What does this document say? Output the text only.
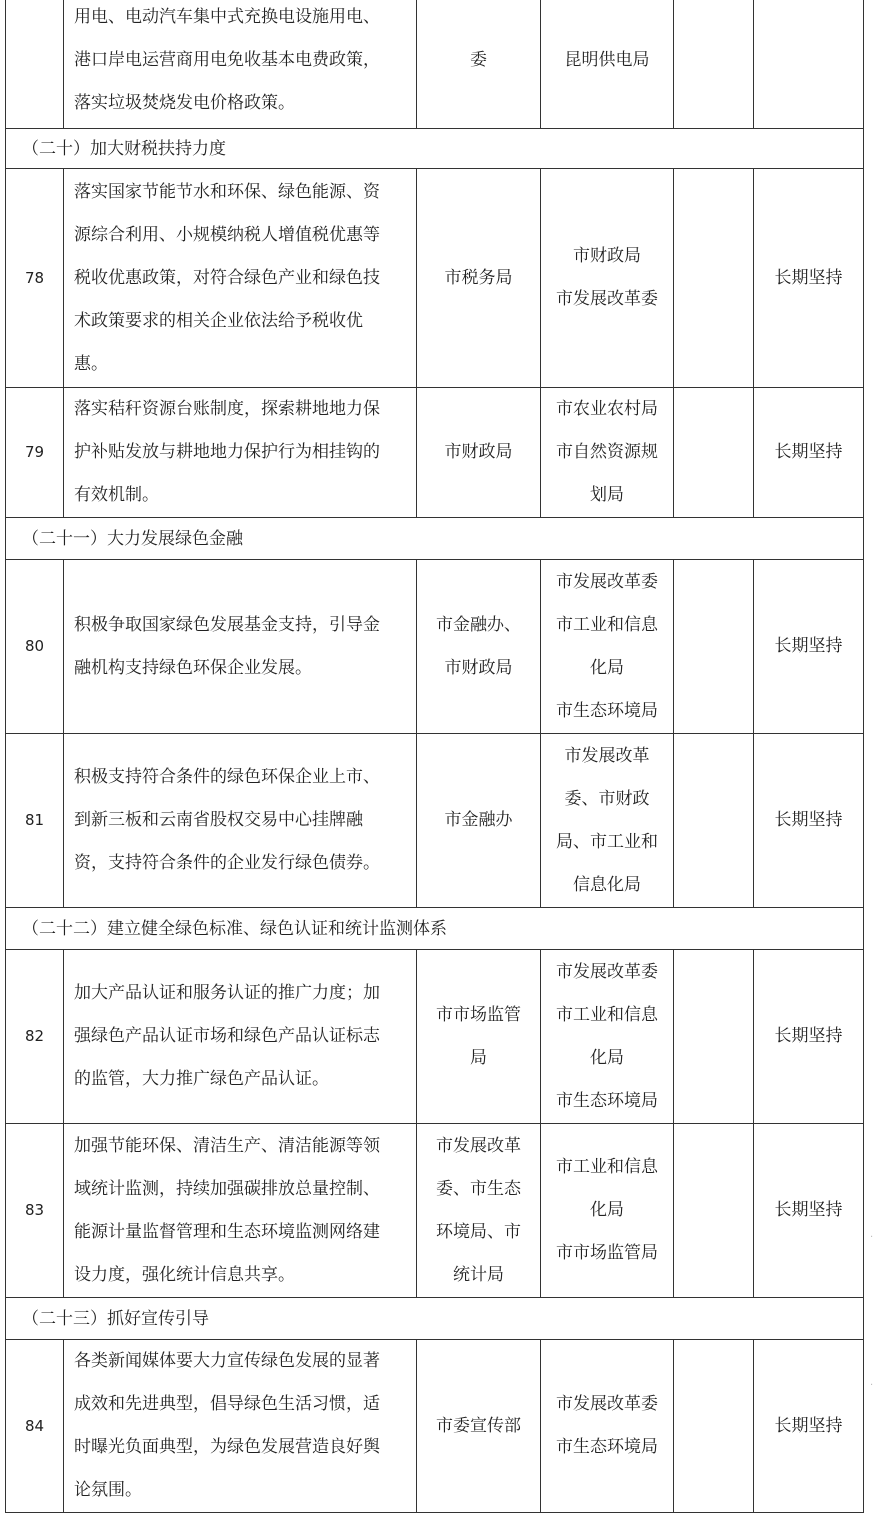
	用电、电动汽车集中式充换电设施用电、
港口岸电运营商用电免收基本电费政策，
落实垃圾焚烧发电价格政策。	委	昆明供电局		

（二十）加大财税扶持力度					
78	落实国家节能节水和环保、绿色能源、资
源综合利用、小规模纳税人增值税优惠等
税收优惠政策，对符合绿色产业和绿色技
术政策要求的相关企业依法给予税收优
惠。	市税务局	市财政局
市发展改革委		长期坚持
79	落实秸秆资源台账制度，探索耕地地力保
护补贴发放与耕地地力保护行为相挂钩的
有效机制。	市财政局	市农业农村局
市自然资源规
划局		长期坚持
（二十一）大力发展绿色金融					
80	积极争取国家绿色发展基金支持，引导金
融机构支持绿色环保企业发展。	市金融办、
市财政局	市发展改革委
市工业和信息
化局
市生态环境局		长期坚持
81	积极支持符合条件的绿色环保企业上市、
到新三板和云南省股权交易中心挂牌融
资，支持符合条件的企业发行绿色债券。	市金融办	市发展改革
委、市财政
局、市工业和
信息化局		长期坚持
（二十二）建立健全绿色标准、绿色认证和统计监测体系					
82	加大产品认证和服务认证的推广力度；加
强绿色产品认证市场和绿色产品认证标志
的监管，大力推广绿色产品认证。	市市场监管
局	市发展改革委
市工业和信息
化局
市生态环境局		长期坚持
83	加强节能环保、清洁生产、清洁能源等领
域统计监测，持续加强碳排放总量控制、
能源计量监督管理和生态环境监测网络建
设力度，强化统计信息共享。	市发展改革
委、市生态
环境局、市
统计局	市工业和信息
化局
市市场监管局		长期坚持
（二十三）抓好宣传引导					
84	各类新闻媒体要大力宣传绿色发展的显著
成效和先进典型，倡导绿色生活习惯，适
时曝光负面典型，为绿色发展营造良好舆
论氛围。	市委宣传部	市发展改革委
市生态环境局		长期坚持
·
·
